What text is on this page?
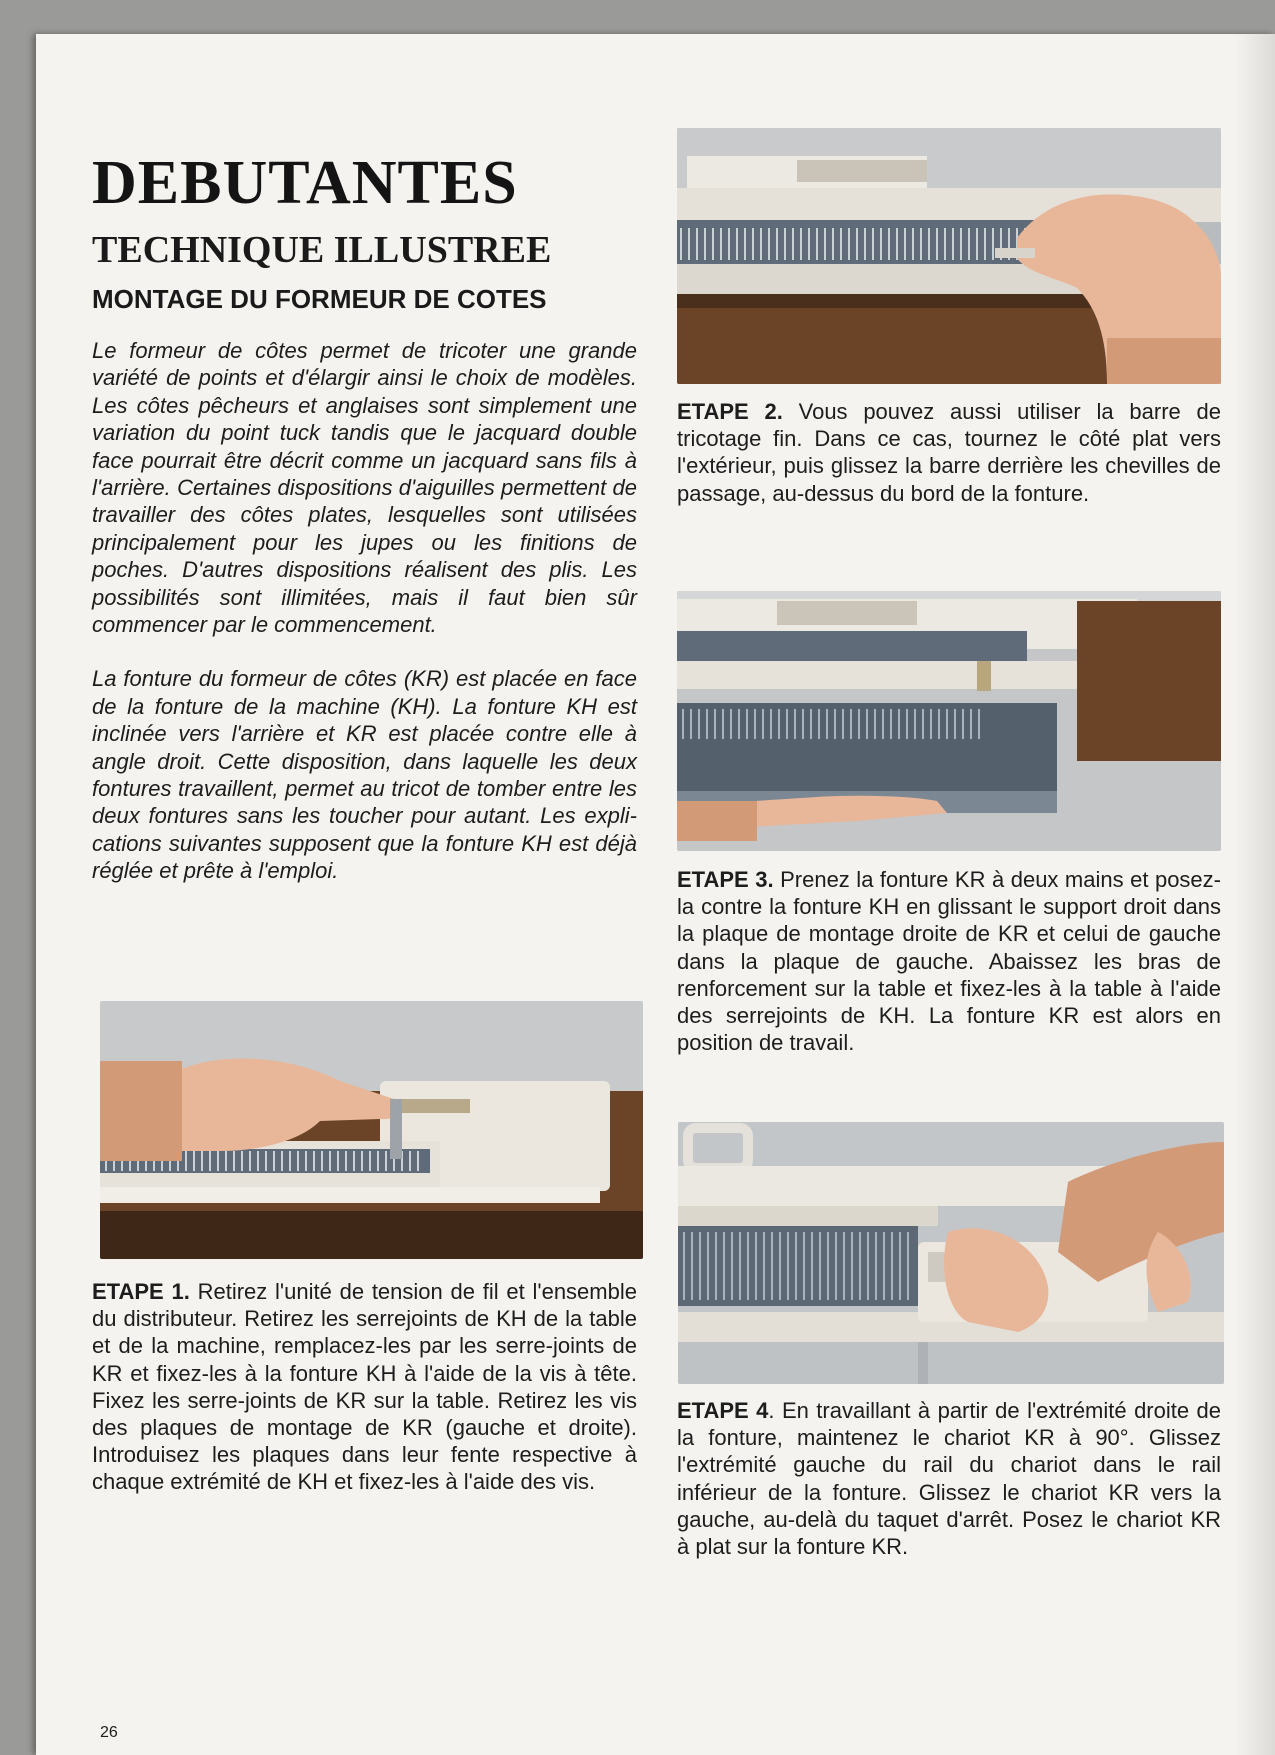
DEBUTANTES
TECHNIQUE ILLUSTREE
MONTAGE DU FORMEUR DE COTES

Le formeur de côtes permet de tricoter une grande variété de points et d'élargir ainsi le choix de modèles. Les côtes pêcheurs et anglaises sont simplement une variation du point tuck tandis que le jacquard double face pourrait être décrit comme un jacquard sans fils à l'arrière. Certaines dispositions d'aiguilles permettent de travailler des côtes plates, lesquelles sont utilisées principalement pour les jupes ou les finitions de poches. D'autres dispositions réalisent des plis. Les possibilités sont illimitées, mais il faut bien sûr commencer par le commencement.

La fonture du formeur de côtes (KR) est placée en face de la fonture de la machine (KH). La fonture KH est inclinée vers l'arrière et KR est placée contre elle à angle droit. Cette disposition, dans laquelle les deux fontures travaillent, permet au tricot de tomber entre les deux fontures sans les toucher pour autant. Les explications suivantes supposent que la fonture KH est déjà réglée et prête à l'emploi.

ETAPE 2. Vous pouvez aussi utiliser la barre de tricotage fin. Dans ce cas, tournez le côté plat vers l'extérieur, puis glissez la barre derrière les chevilles de passage, au-dessus du bord de la fonture.
ETAPE 3. Prenez la fonture KR à deux mains et posez-la contre la fonture KH en glissant le support droit dans la plaque de montage droite de KR et celui de gauche dans la plaque de gauche. Abaissez les bras de renforcement sur la table et fixez-les à la table à l'aide des serrejoints de KH. La fonture KR est alors en position de travail.
ETAPE 1. Retirez l'unité de tension de fil et l'ensemble du distributeur. Retirez les serrejoints de KH de la table et de la machine, remplacez-les par les serre-joints de KR et fixez-les à la fonture KH à l'aide de la vis à tête. Fixez les serre-joints de KR sur la table. Retirez les vis des plaques de montage de KR (gauche et droite). Introduisez les plaques dans leur fente respective à chaque extrémité de KH et fixez-les à l'aide des vis.
ETAPE 4. En travaillant à partir de l'extrémité droite de la fonture, maintenez le chariot KR à 90°. Glissez l'extrémité gauche du rail du chariot dans le rail inférieur de la fonture. Glissez le chariot KR vers la gauche, au-delà du taquet d'arrêt. Posez le chariot KR à plat sur la fonture KR.
26
